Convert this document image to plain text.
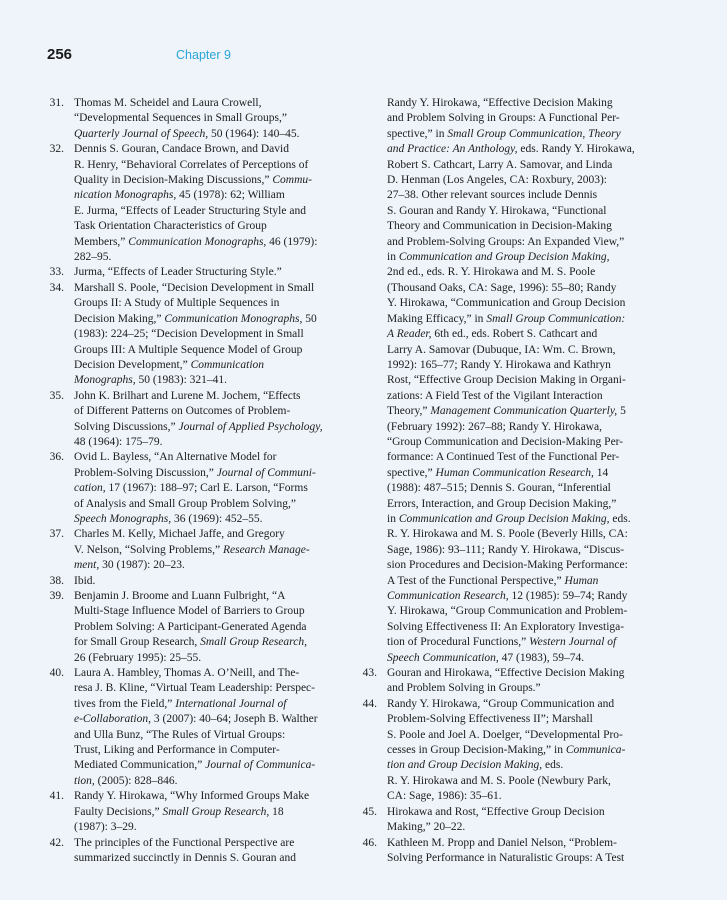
256	Chapter 9
31. Thomas M. Scheidel and Laura Crowell,
“Developmental Sequences in Small Groups,”
Quarterly Journal of Speech, 50 (1964): 140–45.
32. Dennis S. Gouran, Candace Brown, and David
R. Henry, “Behavioral Correlates of Perceptions of
Quality in Decision-Making Discussions,” Commu-
nication Monographs, 45 (1978): 62; William
E. Jurma, “Effects of Leader Structuring Style and
Task Orientation Characteristics of Group
Members,” Communication Monographs, 46 (1979):
282–95.
33. Jurma, “Effects of Leader Structuring Style.”
34. Marshall S. Poole, “Decision Development in Small
Groups II: A Study of Multiple Sequences in
Decision Making,” Communication Monographs, 50
(1983): 224–25; “Decision Development in Small
Groups III: A Multiple Sequence Model of Group
Decision Development,” Communication
Monographs, 50 (1983): 321–41.
35. John K. Brilhart and Lurene M. Jochem, “Effects
of Different Patterns on Outcomes of Problem-
Solving Discussions,” Journal of Applied Psychology,
48 (1964): 175–79.
36. Ovid L. Bayless, “An Alternative Model for
Problem-Solving Discussion,” Journal of Communi-
cation, 17 (1967): 188–97; Carl E. Larson, “Forms
of Analysis and Small Group Problem Solving,”
Speech Monographs, 36 (1969): 452–55.
37. Charles M. Kelly, Michael Jaffe, and Gregory
V. Nelson, “Solving Problems,” Research Manage-
ment, 30 (1987): 20–23.
38. Ibid.
39. Benjamin J. Broome and Luann Fulbright, “A
Multi-Stage Influence Model of Barriers to Group
Problem Solving: A Participant-Generated Agenda
for Small Group Research, Small Group Research,
26 (February 1995): 25–55.
40. Laura A. Hambley, Thomas A. O’Neill, and The-
resa J. B. Kline, “Virtual Team Leadership: Perspec-
tives from the Field,” International Journal of
e-Collaboration, 3 (2007): 40–64; Joseph B. Walther
and Ulla Bunz, “The Rules of Virtual Groups:
Trust, Liking and Performance in Computer-
Mediated Communication,” Journal of Communica-
tion, (2005): 828–846.
41. Randy Y. Hirokawa, “Why Informed Groups Make
Faulty Decisions,” Small Group Research, 18
(1987): 3–29.
42. The principles of the Functional Perspective are
summarized succinctly in Dennis S. Gouran and
Randy Y. Hirokawa, “Effective Decision Making
and Problem Solving in Groups: A Functional Per-
spective,” in Small Group Communication, Theory
and Practice: An Anthology, eds. Randy Y. Hirokawa,
Robert S. Cathcart, Larry A. Samovar, and Linda
D. Henman (Los Angeles, CA: Roxbury, 2003):
27–38. Other relevant sources include Dennis
S. Gouran and Randy Y. Hirokawa, “Functional
Theory and Communication in Decision-Making
and Problem-Solving Groups: An Expanded View,”
in Communication and Group Decision Making,
2nd ed., eds. R. Y. Hirokawa and M. S. Poole
(Thousand Oaks, CA: Sage, 1996): 55–80; Randy
Y. Hirokawa, “Communication and Group Decision
Making Efficacy,” in Small Group Communication:
A Reader, 6th ed., eds. Robert S. Cathcart and
Larry A. Samovar (Dubuque, IA: Wm. C. Brown,
1992): 165–77; Randy Y. Hirokawa and Kathryn
Rost, “Effective Group Decision Making in Organi-
zations: A Field Test of the Vigilant Interaction
Theory,” Management Communication Quarterly, 5
(February 1992): 267–88; Randy Y. Hirokawa,
“Group Communication and Decision-Making Per-
formance: A Continued Test of the Functional Per-
spective,” Human Communication Research, 14
(1988): 487–515; Dennis S. Gouran, “Inferential
Errors, Interaction, and Group Decision Making,”
in Communication and Group Decision Making, eds.
R. Y. Hirokawa and M. S. Poole (Beverly Hills, CA:
Sage, 1986): 93–111; Randy Y. Hirokawa, “Discus-
sion Procedures and Decision-Making Performance:
A Test of the Functional Perspective,” Human
Communication Research, 12 (1985): 59–74; Randy
Y. Hirokawa, “Group Communication and Problem-
Solving Effectiveness II: An Exploratory Investiga-
tion of Procedural Functions,” Western Journal of
Speech Communication, 47 (1983), 59–74.
43. Gouran and Hirokawa, “Effective Decision Making
and Problem Solving in Groups.”
44. Randy Y. Hirokawa, “Group Communication and
Problem-Solving Effectiveness II”; Marshall
S. Poole and Joel A. Doelger, “Developmental Pro-
cesses in Group Decision-Making,” in Communica-
tion and Group Decision Making, eds.
R. Y. Hirokawa and M. S. Poole (Newbury Park,
CA: Sage, 1986): 35–61.
45. Hirokawa and Rost, “Effective Group Decision
Making,” 20–22.
46. Kathleen M. Propp and Daniel Nelson, “Problem-
Solving Performance in Naturalistic Groups: A Test
